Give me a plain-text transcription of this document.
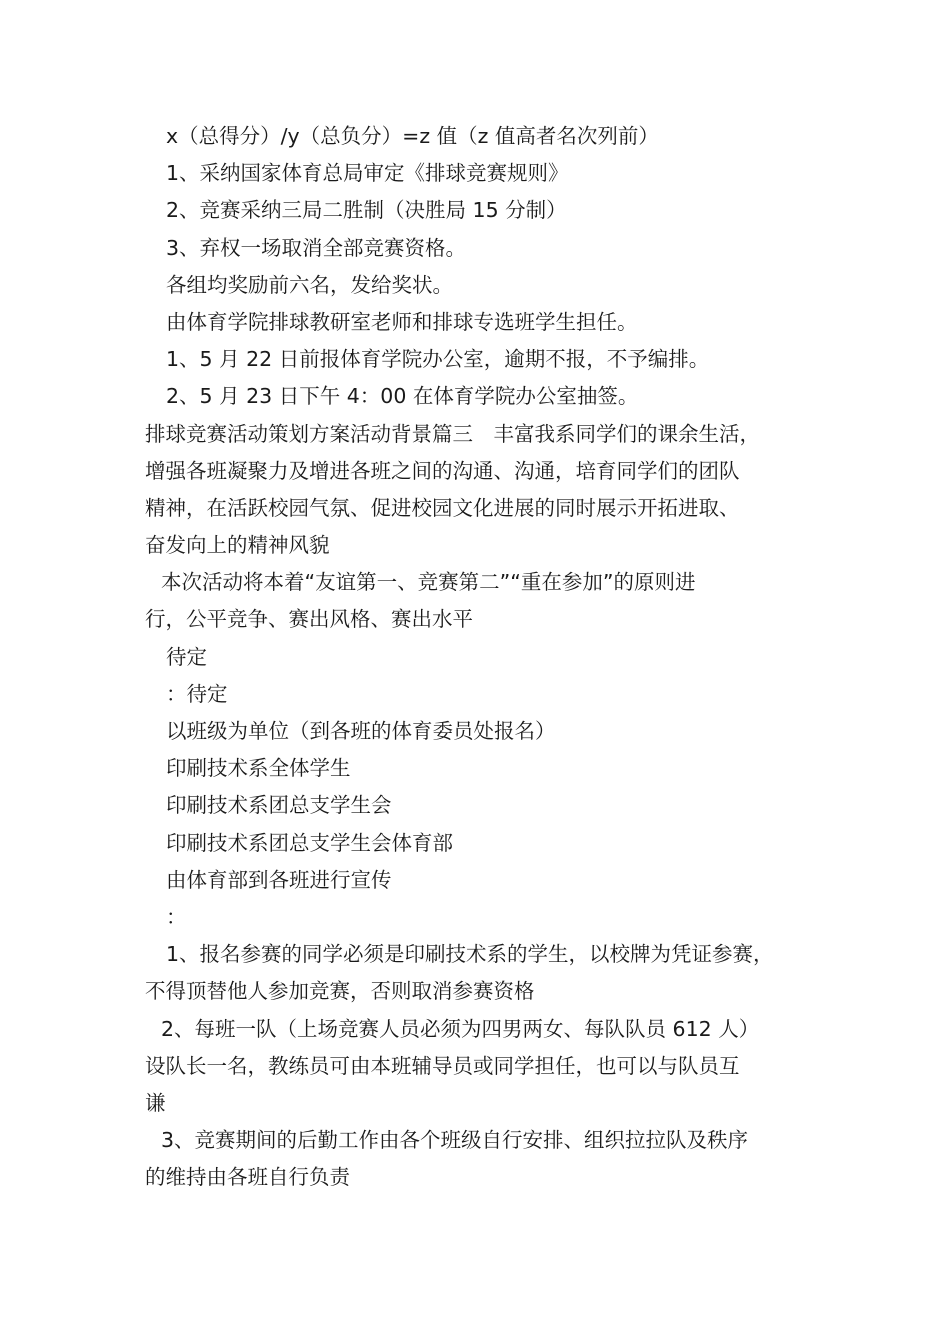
x（总得分）/y（总负分）=z 值（z 值高者名次列前）

1、采纳国家体育总局审定《排球竞赛规则》

2、竞赛采纳三局二胜制（决胜局 15 分制）

3、弃权一场取消全部竞赛资格。

各组均奖励前六名，发给奖状。

由体育学院排球教研室老师和排球专选班学生担任。

1、5 月 22 日前报体育学院办公室，逾期不报，不予编排。

2、5 月 23 日下午 4：00 在体育学院办公室抽签。

排球竞赛活动策划方案活动背景篇三　丰富我系同学们的课余生活，

增强各班凝聚力及增进各班之间的沟通、沟通，培育同学们的团队

精神，在活跃校园气氛、促进校园文化进展的同时展示开拓进取、

奋发向上的精神风貌

本次活动将本着“友谊第一、竞赛第二”“重在参加”的原则进

行，公平竞争、赛出风格、赛出水平

待定

：待定

以班级为单位（到各班的体育委员处报名）

印刷技术系全体学生

印刷技术系团总支学生会

印刷技术系团总支学生会体育部

由体育部到各班进行宣传

：

1、报名参赛的同学必须是印刷技术系的学生，以校牌为凭证参赛，

不得顶替他人参加竞赛，否则取消参赛资格

2、每班一队（上场竞赛人员必须为四男两女、每队队员 612 人）

设队长一名，教练员可由本班辅导员或同学担任，也可以与队员互

谦

3、竞赛期间的后勤工作由各个班级自行安排、组织拉拉队及秩序

的维持由各班自行负责
